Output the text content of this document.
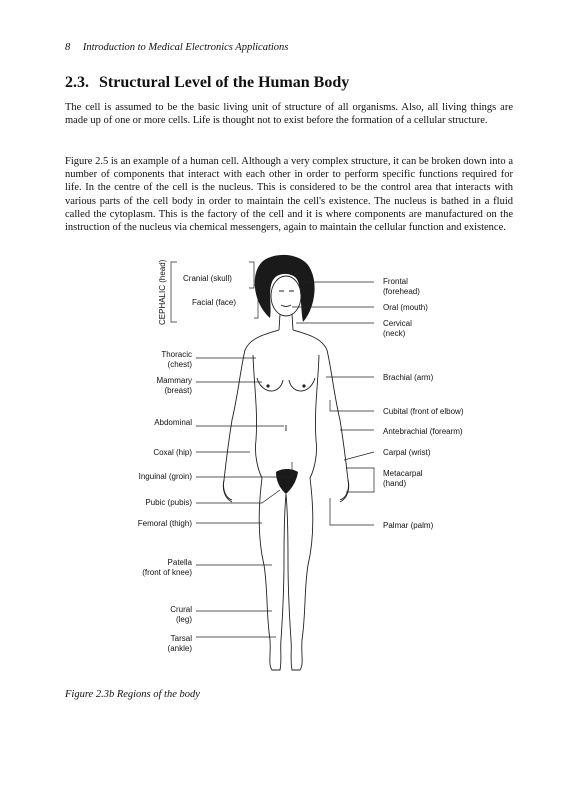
8 Introduction to Medical Electronics Applications
2.3. Structural Level of the Human Body

The cell is assumed to be the basic living unit of structure of all organisms. Also, all living things are made up of one or more cells. Life is thought not to exist before the formation of a cellular structure.

Figure 2.5 is an example of a human cell. Although a very complex structure, it can be broken down into a number of components that interact with each other in order to perform specific functions required for life. In the centre of the cell is the nucleus. This is considered to be the control area that interacts with various parts of the cell body in order to maintain the cell's existence. The nucleus is bathed in a fluid called the cytoplasm. This is the factory of the cell and it is where components are manufactured on the instruction of the nucleus via chemical messengers, again to maintain the cellular function and existence.

CEPHALIC (head) Cranial (skull)
Facial (face)
Thoracic
(chest)
Mammary
(breast)
Abdominal
Coxal (hip)
Inguinal (groin)
Pubic (pubis)
Femoral (thigh)
Patella
(front of knee)
Crural
(leg)
Tarsal
(ankle)
Frontal
(forehead)
Oral (mouth)
Cervical
(neck)
Brachial (arm)
Cubital (front of elbow)
Antebrachial (forearm)
Carpal (wrist)
Metacarpal
(hand)
Palmar (palm)
Figure 2.3b Regions of the body
